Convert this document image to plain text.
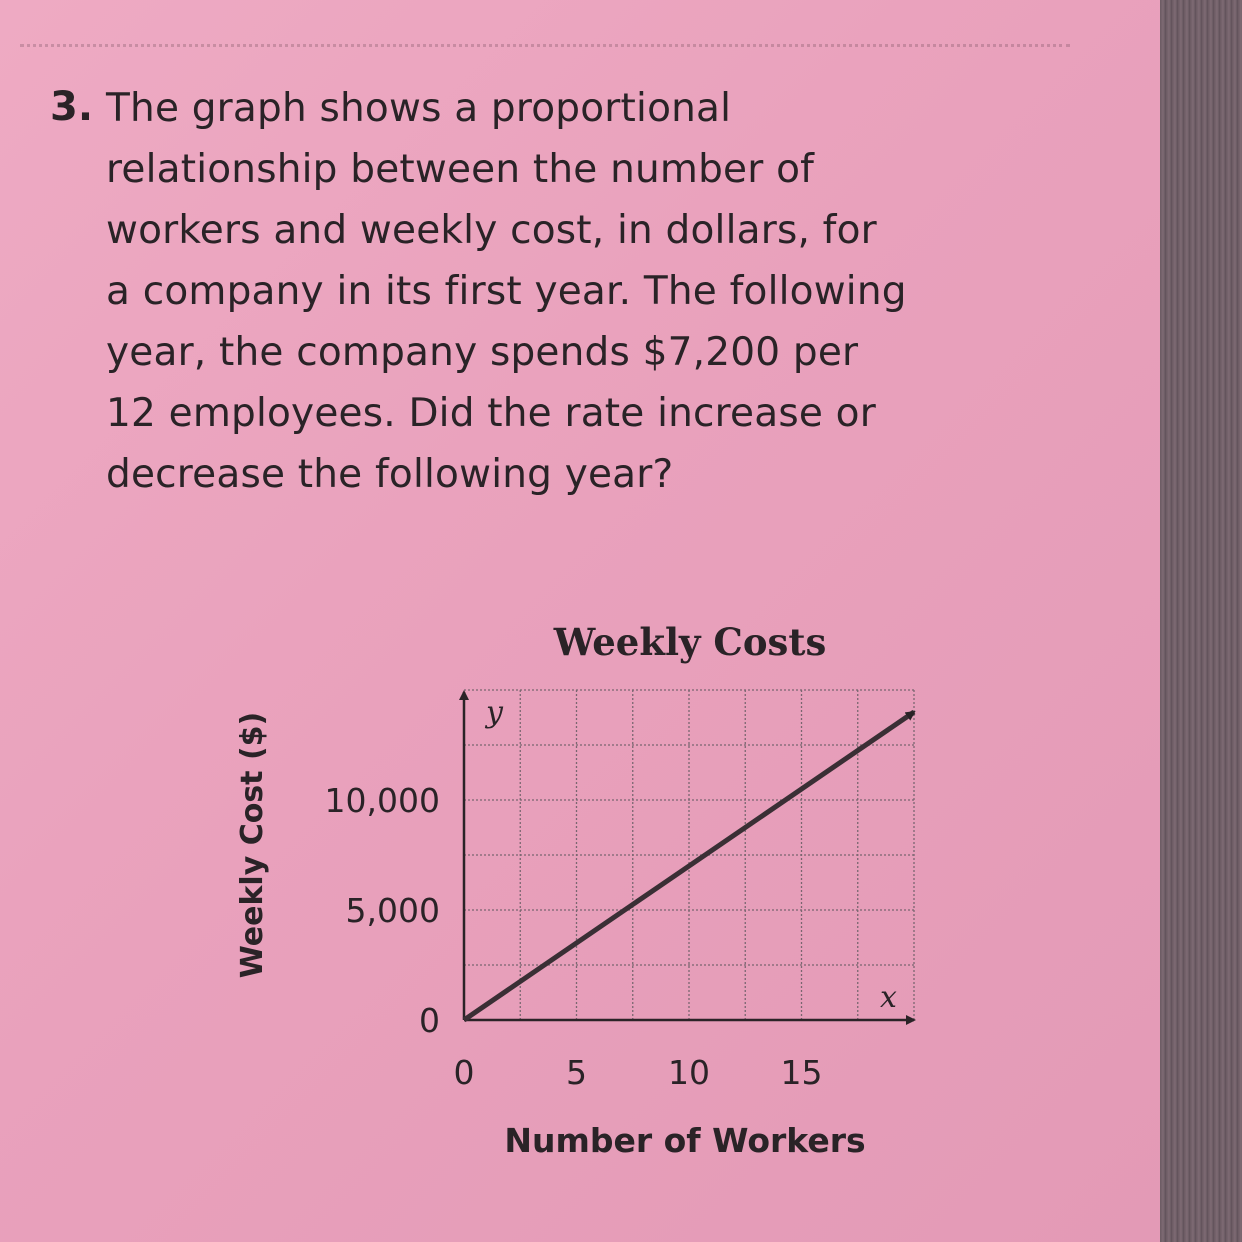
3. The graph shows a proportional
relationship between the number of
workers and weekly cost, in dollars, for
a company in its first year. The following
year, the company spends $7,200 per
12 employees. Did the rate increase or
decrease the following year?
Weekly Costs
0	5 10 15
0
5,000
10,000
Number of Workers
Weekly Cost ($)
x
y
